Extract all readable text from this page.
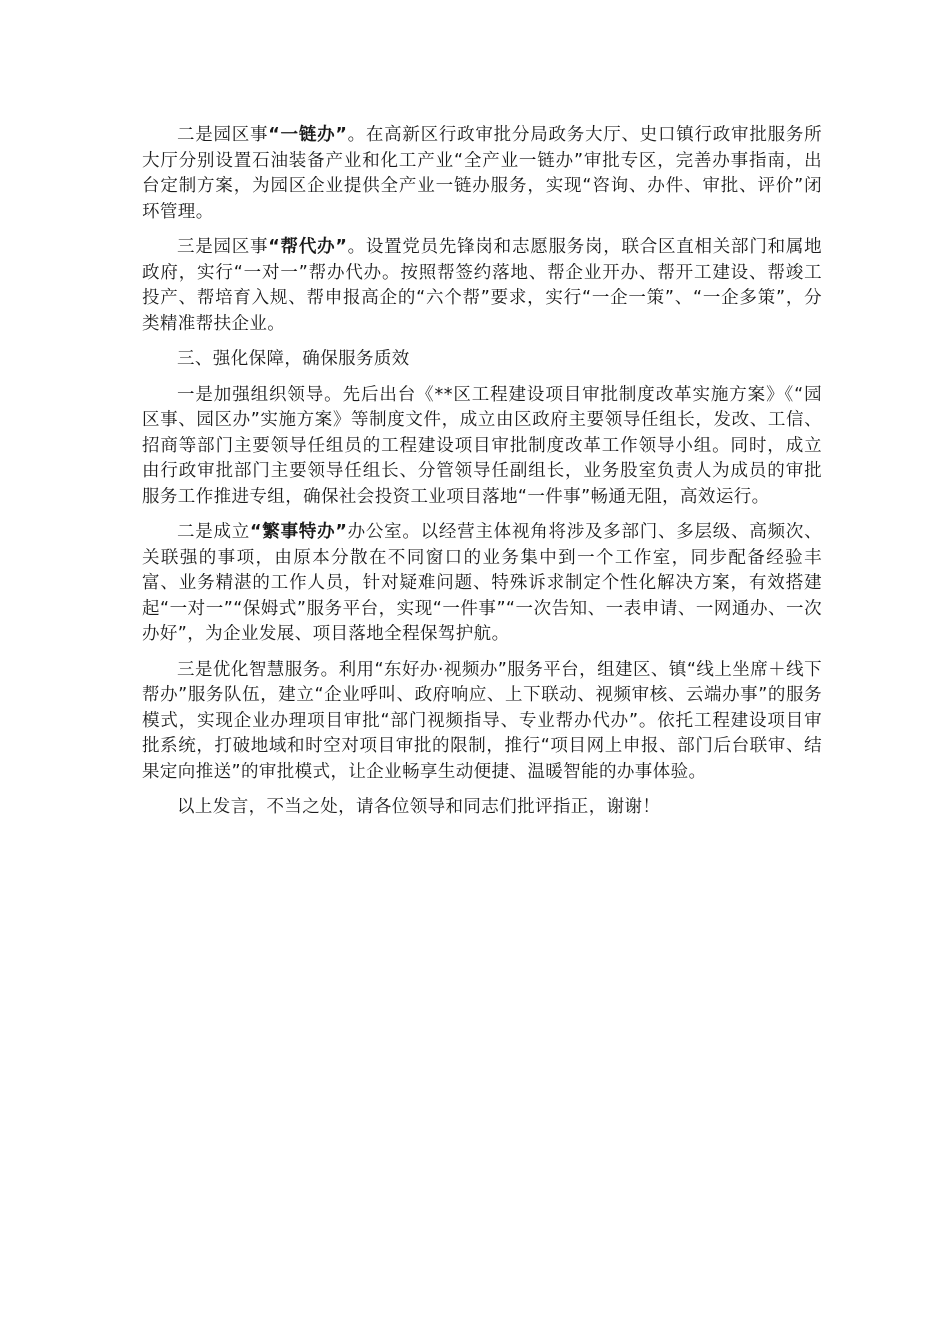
二是园区事“一链办”。在高新区行政审批分局政务大厅、史口镇行政审批服务所大厅分别设置石油装备产业和化工产业“全产业一链办”审批专区，完善办事指南，出台定制方案，为园区企业提供全产业一链办服务，实现“咨询、办件、审批、评价”闭环管理。

三是园区事“帮代办”。设置党员先锋岗和志愿服务岗，联合区直相关部门和属地政府，实行“一对一”帮办代办。按照帮签约落地、帮企业开办、帮开工建设、帮竣工投产、帮培育入规、帮申报高企的“六个帮”要求，实行“一企一策”、“一企多策”，分类精准帮扶企业。

三、强化保障，确保服务质效

一是加强组织领导。先后出台《**区工程建设项目审批制度改革实施方案》《“园区事、园区办”实施方案》等制度文件，成立由区政府主要领导任组长，发改、工信、招商等部门主要领导任组员的工程建设项目审批制度改革工作领导小组。同时，成立由行政审批部门主要领导任组长、分管领导任副组长，业务股室负责人为成员的审批服务工作推进专组，确保社会投资工业项目落地“一件事”畅通无阻，高效运行。

二是成立“繁事特办”办公室。以经营主体视角将涉及多部门、多层级、高频次、关联强的事项，由原本分散在不同窗口的业务集中到一个工作室，同步配备经验丰富、业务精湛的工作人员，针对疑难问题、特殊诉求制定个性化解决方案，有效搭建起“一对一”“保姆式”服务平台，实现“一件事”“一次告知、一表申请、一网通办、一次办好”，为企业发展、项目落地全程保驾护航。

三是优化智慧服务。利用“东好办·视频办”服务平台，组建区、镇“线上坐席＋线下帮办”服务队伍，建立“企业呼叫、政府响应、上下联动、视频审核、云端办事”的服务模式，实现企业办理项目审批“部门视频指导、专业帮办代办”。依托工程建设项目审批系统，打破地域和时空对项目审批的限制，推行“项目网上申报、部门后台联审、结果定向推送”的审批模式，让企业畅享生动便捷、温暖智能的办事体验。

以上发言，不当之处，请各位领导和同志们批评指正，谢谢！
